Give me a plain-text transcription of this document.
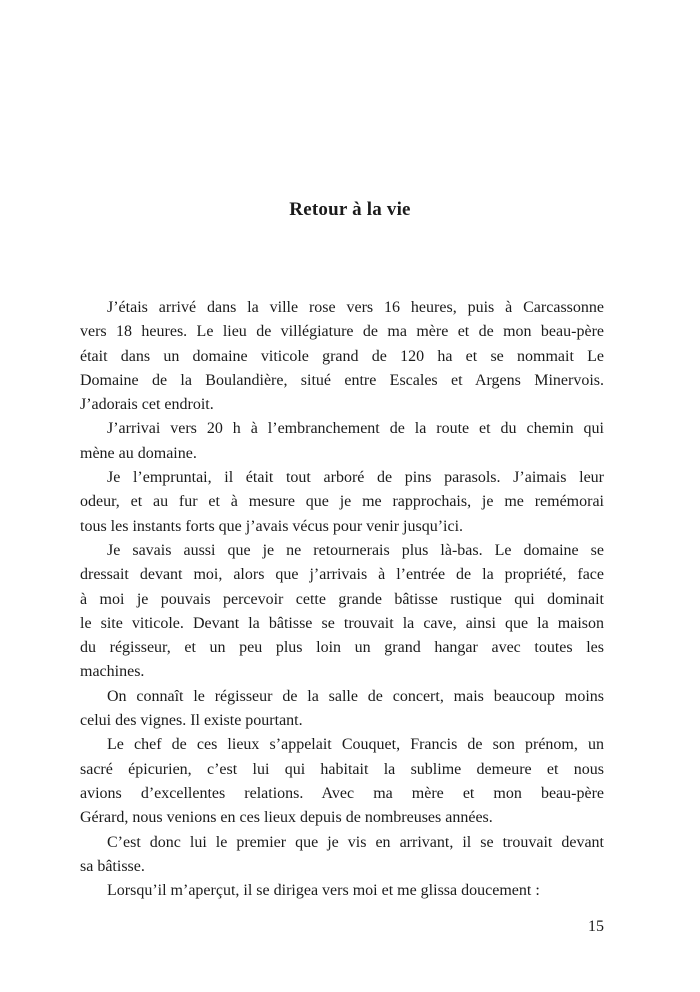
Retour à la vie
J’étais arrivé dans la ville rose vers 16 heures, puis à Carcassonne
vers 18 heures. Le lieu de villégiature de ma mère et de mon beau-père
était dans un domaine viticole grand de 120 ha et se nommait Le
Domaine de la Boulandière, situé entre Escales et Argens Minervois.
J’adorais cet endroit.
J’arrivai vers 20 h à l’embranchement de la route et du chemin qui
mène au domaine.
Je l’empruntai, il était tout arboré de pins parasols. J’aimais leur
odeur, et au fur et à mesure que je me rapprochais, je me remémorai
tous les instants forts que j’avais vécus pour venir jusqu’ici.
Je savais aussi que je ne retournerais plus là-bas. Le domaine se
dressait devant moi, alors que j’arrivais à l’entrée de la propriété, face
à moi je pouvais percevoir cette grande bâtisse rustique qui dominait
le site viticole. Devant la bâtisse se trouvait la cave, ainsi que la maison
du régisseur, et un peu plus loin un grand hangar avec toutes les
machines.
On connaît le régisseur de la salle de concert, mais beaucoup moins
celui des vignes. Il existe pourtant.
Le chef de ces lieux s’appelait Couquet, Francis de son prénom, un
sacré épicurien, c’est lui qui habitait la sublime demeure et nous
avions d’excellentes relations. Avec ma mère et mon beau-père
Gérard, nous venions en ces lieux depuis de nombreuses années.
C’est donc lui le premier que je vis en arrivant, il se trouvait devant
sa bâtisse.
Lorsqu’il m’aperçut, il se dirigea vers moi et me glissa doucement :
15
